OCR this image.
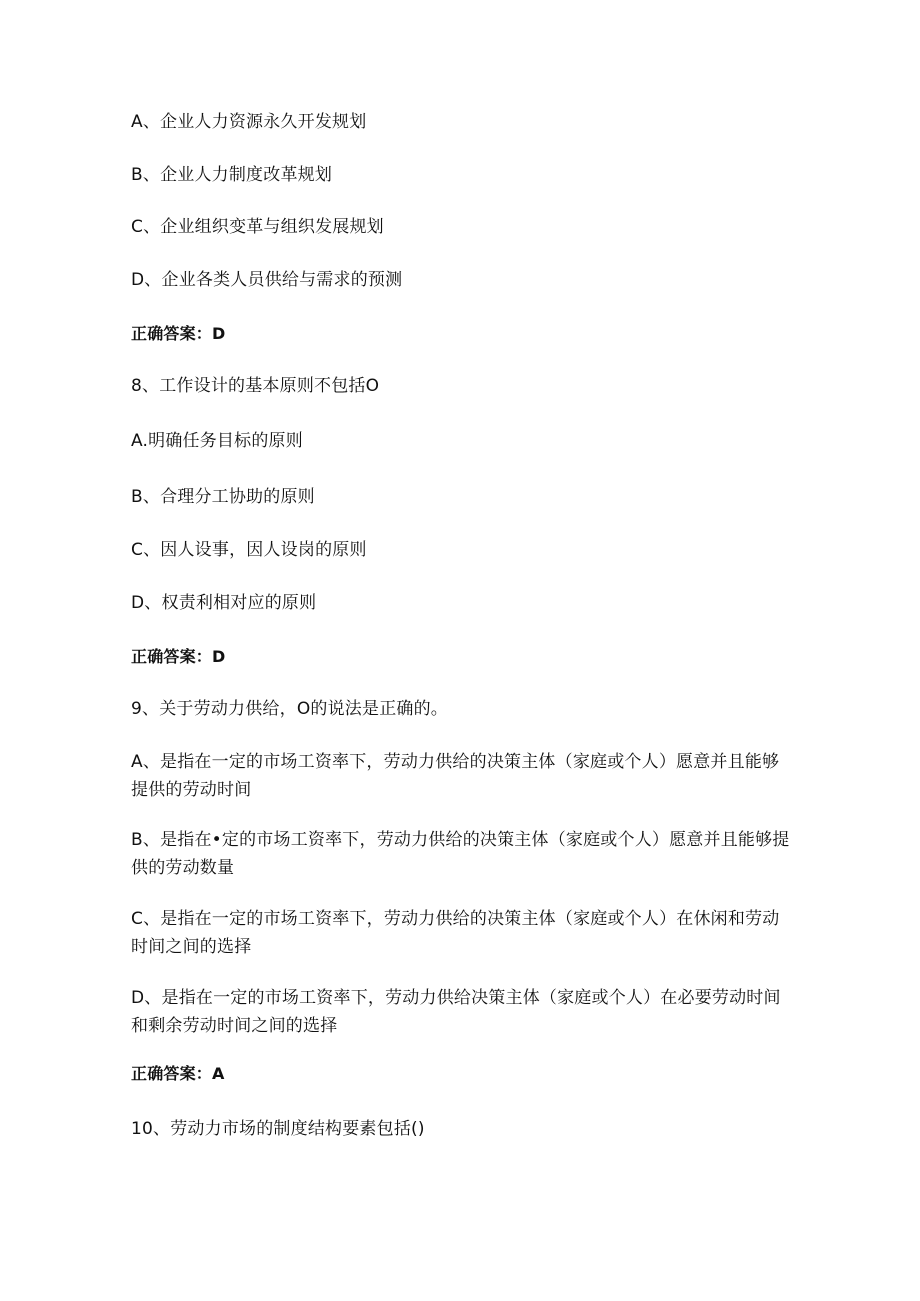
A、企业人力资源永久开发规划
B、企业人力制度改革规划
C、企业组织变革与组织发展规划
D、企业各类人员供给与需求的预测
正确答案：D
8、工作设计的基本原则不包括O
A.明确任务目标的原则
B、合理分工协助的原则
C、因人设事，因人设岗的原则
D、权责利相对应的原则
正确答案：D
9、关于劳动力供给，O的说法是正确的。
A、是指在一定的市场工资率下，劳动力供给的决策主体（家庭或个人）愿意并且能够提供的劳动时间
B、是指在•定的市场工资率下，劳动力供给的决策主体（家庭或个人）愿意并且能够提供的劳动数量
C、是指在一定的市场工资率下，劳动力供给的决策主体（家庭或个人）在休闲和劳动时间之间的选择
D、是指在一定的市场工资率下，劳动力供给决策主体（家庭或个人）在必要劳动时间和剩余劳动时间之间的选择
正确答案：A
10、劳动力市场的制度结构要素包括()
